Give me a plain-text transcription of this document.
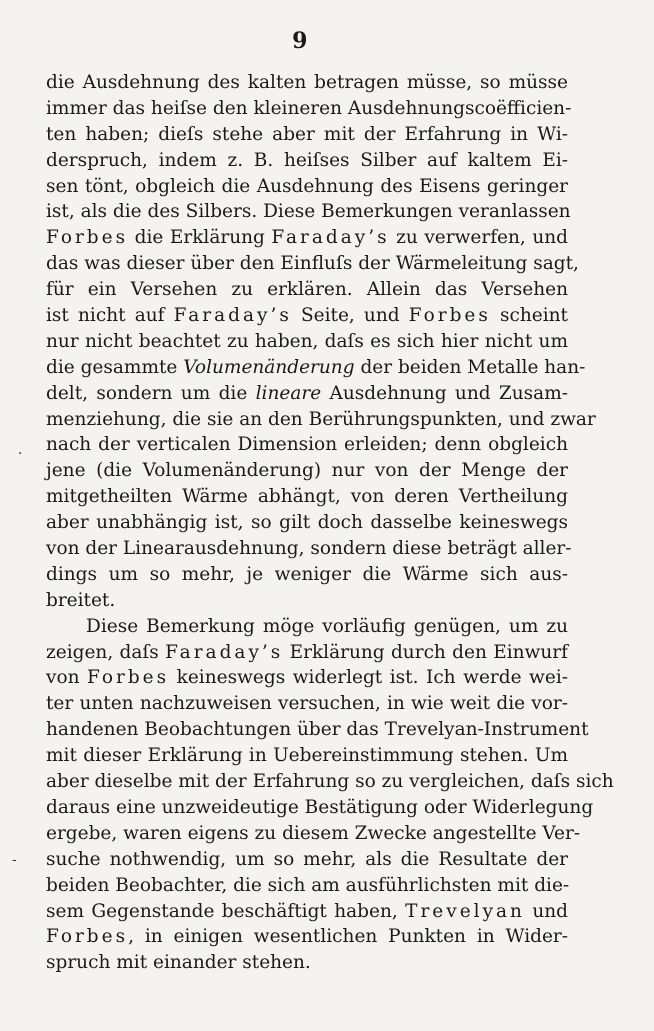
9
die Ausdehnung des kalten betragen müsse, so müsse
immer das heiſse den kleineren Ausdehnungscoëfficien-
ten haben; dieſs stehe aber mit der Erfahrung in Wi-
derspruch, indem z. B. heiſses Silber auf kaltem Ei-
sen tönt, obgleich die Ausdehnung des Eisens geringer
ist, als die des Silbers. Diese Bemerkungen veranlassen
Forbes die Erklärung Faraday’s zu verwerfen, und
das was dieser über den Einfluſs der Wärmeleitung sagt,
für ein Versehen zu erklären. Allein das Versehen
ist nicht auf Faraday’s Seite, und Forbes scheint
nur nicht beachtet zu haben, daſs es sich hier nicht um
die gesammte Volumenänderung der beiden Metalle han-
delt, sondern um die lineare Ausdehnung und Zusam-
menziehung, die sie an den Berührungspunkten, und zwar
nach der verticalen Dimension erleiden; denn obgleich
jene (die Volumenänderung) nur von der Menge der
mitgetheilten Wärme abhängt, von deren Vertheilung
aber unabhängig ist, so gilt doch dasselbe keineswegs
von der Linearausdehnung, sondern diese beträgt aller-
dings um so mehr, je weniger die Wärme sich aus-
breitet.
Diese Bemerkung möge vorläufig genügen, um zu
zeigen, daſs Faraday’s Erklärung durch den Einwurf
von Forbes keineswegs widerlegt ist. Ich werde wei-
ter unten nachzuweisen versuchen, in wie weit die vor-
handenen Beobachtungen über das Trevelyan-Instrument
mit dieser Erklärung in Uebereinstimmung stehen. Um
aber dieselbe mit der Erfahrung so zu vergleichen, daſs sich
daraus eine unzweideutige Bestätigung oder Widerlegung
ergebe, waren eigens zu diesem Zwecke angestellte Ver-
suche nothwendig, um so mehr, als die Resultate der
beiden Beobachter, die sich am ausführlichsten mit die-
sem Gegenstande beschäftigt haben, Trevelyan und
Forbes, in einigen wesentlichen Punkten in Wider-
spruch mit einander stehen.
.
-
